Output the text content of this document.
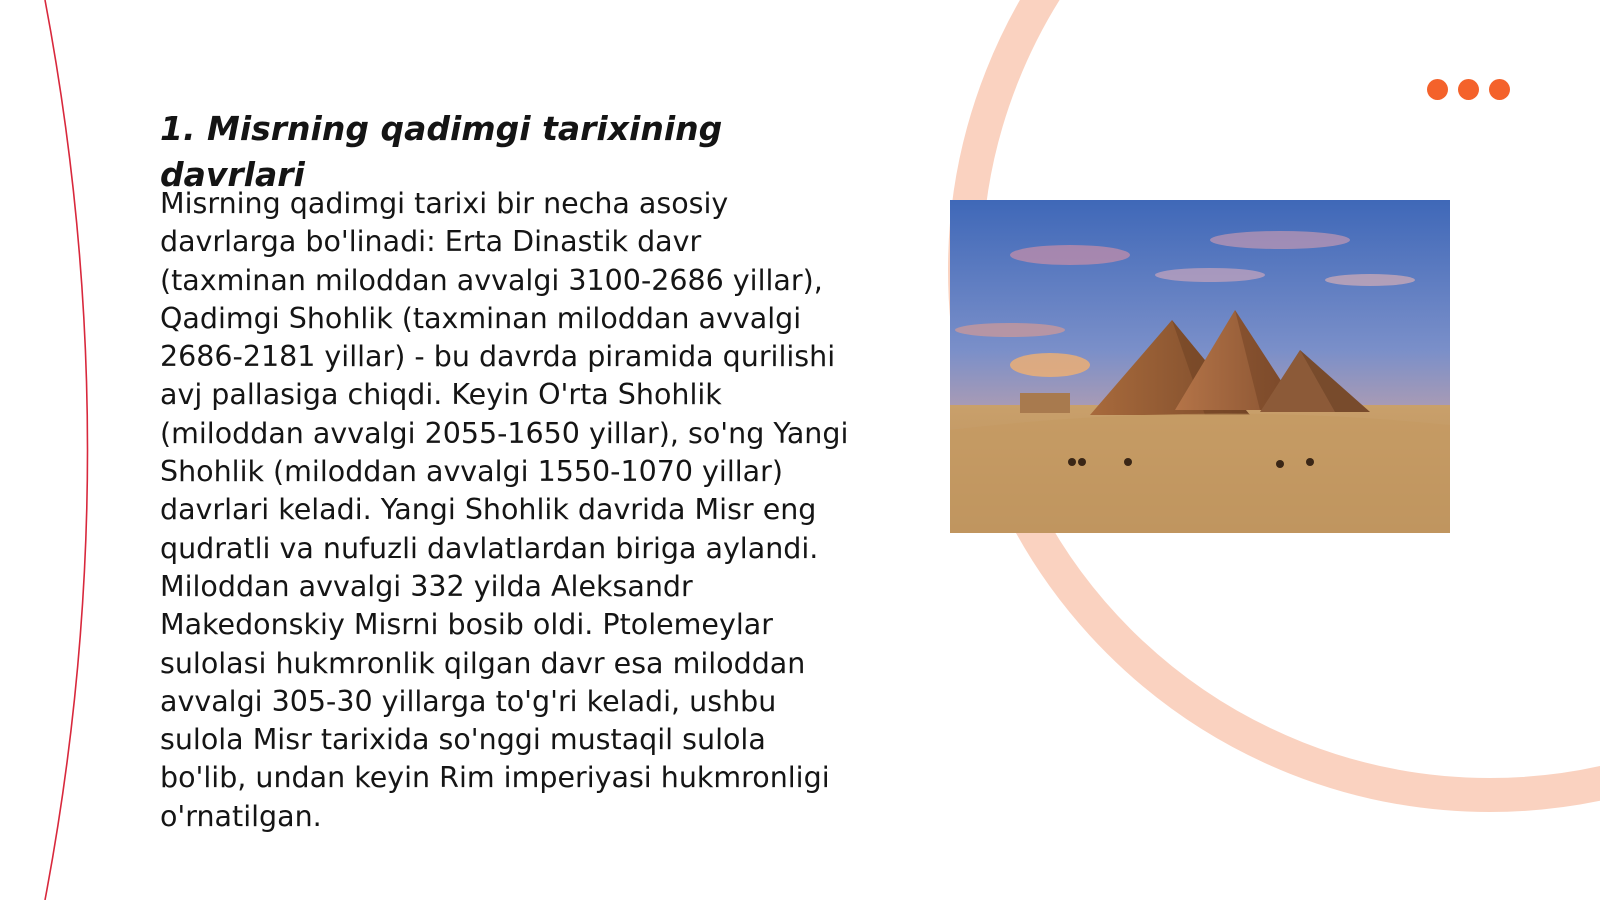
1. Misrning qadimgi tarixining davrlari

Misrning qadimgi tarixi bir necha asosiy davrlarga bo'linadi: Erta Dinastik davr (taxminan miloddan avvalgi 3100-2686 yillar), Qadimgi Shohlik (taxminan miloddan avvalgi 2686-2181 yillar) - bu davrda piramida qurilishi avj pallasiga chiqdi. Keyin O'rta Shohlik (miloddan avvalgi 2055-1650 yillar), so'ng Yangi Shohlik (miloddan avvalgi 1550-1070 yillar) davrlari keladi. Yangi Shohlik davrida Misr eng qudratli va nufuzli davlatlardan biriga aylandi. Miloddan avvalgi 332 yilda Aleksandr Makedonskiy Misrni bosib oldi. Ptolemeylar sulolasi hukmronlik qilgan davr esa miloddan avvalgi 305-30 yillarga to'g'ri keladi, ushbu sulola Misr tarixida so'nggi mustaqil sulola bo'lib, undan keyin Rim imperiyasi hukmronligi o'rnatilgan.
